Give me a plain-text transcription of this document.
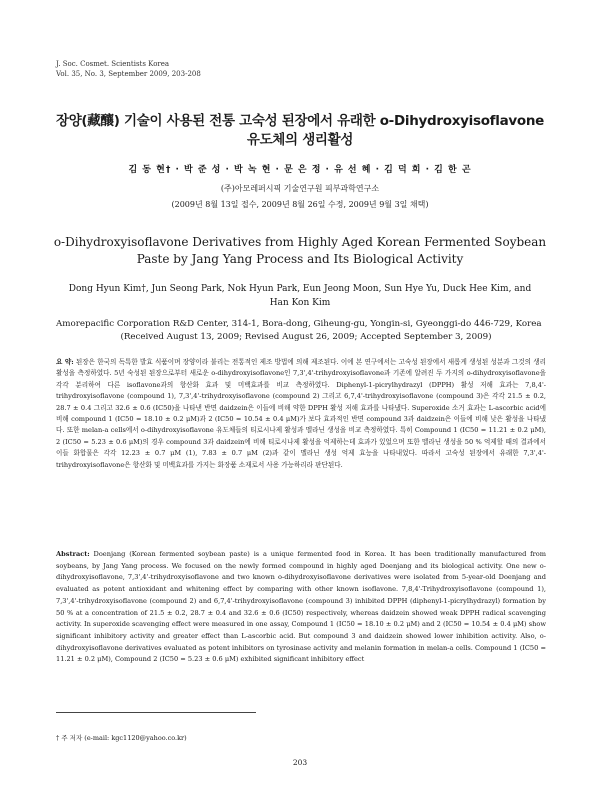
J. Soc. Cosmet. Scientists Korea
Vol. 35, No. 3, September 2009, 203-208
장양(藏釀) 기술이 사용된 전통 고숙성 된장에서 유래한 o-Dihydroxyisoflavone
유도체의 생리활성
김 동 현† · 박 준 성 · 박 녹 현 · 문 은 정 · 유 선 혜 · 김 덕 희 · 김 한 곤
(주)아모레퍼시픽 기술연구원 피부과학연구소
(2009년 8월 13일 접수, 2009년 8월 26일 수정, 2009년 9월 3일 채택)
o-Dihydroxyisoflavone Derivatives from Highly Aged Korean Fermented Soybean
Paste by Jang Yang Process and Its Biological Activity
Dong Hyun Kim†, Jun Seong Park, Nok Hyun Park, Eun Jeong Moon, Sun Hye Yu, Duck Hee Kim, and
Han Kon Kim
Amorepacific Corporation R&D Center, 314-1, Bora-dong, Giheung-gu, Yongin-si, Gyeonggi-do 446-729, Korea
(Received August 13, 2009; Revised August 26, 2009; Accepted September 3, 2009)
요 약: 된장은 한국의 독특한 발효 식품이며 장양이라 불리는 전통적인 제조 방법에 의해 제조된다. 이에 본 연구에서는 고숙성 된장에서 새롭게 생성된 성분과 그것의 생리활성을 측정하였다. 5년 숙성된 된장으로부터 새로운 o-dihydroxyisoflavone인 7,3',4'-trihydroxyisoflavone과 기존에 알려진 두 가지의 o-dihydroxyisoflavone을 각각 분리하여 다른 isoflavone과의 항산화 효과 및 미백효과를 비교 측정하였다. Diphenyl-1-picrylhydrazyl (DPPH) 활성 저해 효과는 7,8,4'-trihydroxyisoflavone (compound 1), 7,3',4'-trihydroxyisoflavone (compound 2) 그리고 6,7,4'-trihydroxyisoflavone (compound 3)은 각각 21.5 ± 0.2, 28.7 ± 0.4 그리고 32.6 ± 0.6 (IC50)을 나타낸 반면 daidzein은 이들에 비해 약한 DPPH 활성 저해 효과를 나타냈다. Superoxide 소거 효과는 L-ascorbic acid에 비해 compound 1 (IC50 = 18.10 ± 0.2 μM)과 2 (IC50 = 10.54 ± 0.4 μM)가 보다 효과적인 반면 compound 3과 daidzein은 이들에 비해 낮은 활성을 나타냈다. 또한 melan-a cells에서 o-dihydroxyisoflavone 유도체들의 티로시나제 활성과 멜라닌 생성을 비교 측정하였다. 특히 Compound 1 (IC50 = 11.21 ± 0.2 μM), 2 (IC50 = 5.23 ± 0.6 μM)의 경우 compound 3과 daidzein에 비해 티로시나제 활성을 억제하는데 효과가 있었으며 또한 멜라닌 생성을 50 % 억제할 때의 결과에서 이들 화합물은 각각 12.23 ± 0.7 μM (1), 7.83 ± 0.7 μM (2)과 같이 멜라닌 생성 억제 효능을 나타내었다. 따라서 고숙성 된장에서 유래한 7,3',4'-trihydroxyisoflavone은 항산화 및 미백효과를 가지는 화장품 소재로서 사용 가능하리라 판단된다.
Abstract: Doenjang (Korean fermented soybean paste) is a unique fermented food in Korea. It has been traditionally manufactured from soybeans, by Jang Yang process. We focused on the newly formed compound in highly aged Doenjang and its biological activity. One new o-dihydroxyisoflavone, 7,3',4'-trihydroxyisoflavone and two known o-dihydroxyisoflavone derivatives were isolated from 5-year-old Doenjang and evaluated as potent antioxidant and whitening effect by comparing with other known isoflavone. 7,8,4'-Trihydroxyisoflavone (compound 1), 7,3',4'-trihydroxyisoflavone (compound 2) and 6,7,4'-trihydroxyisoflavone (compound 3) inhibited DPPH (diphenyl-1-picrylhydrazyl) formation by 50 % at a concentration of 21.5 ± 0.2, 28.7 ± 0.4 and 32.6 ± 0.6 (IC50) respectively, whereas daidzein showed weak DPPH radical scavenging activity. In superoxide scavenging effect were measured in one assay, Compound 1 (IC50 = 18.10 ± 0.2 μM) and 2 (IC50 = 10.54 ± 0.4 μM) show significant inhibitory activity and greater effect than L-ascorbic acid. But compound 3 and daidzein showed lower inhibition activity. Also, o-dihydroxyisoflavone derivatives evaluated as potent inhibitors on tyrosinase activity and melanin formation in melan-a cells. Compound 1 (IC50 = 11.21 ± 0.2 μM), Compound 2 (IC50 = 5.23 ± 0.6 μM) exhibited significant inhibitory effect
† 주 저자 (e-mail: kgc1120@yahoo.co.kr)
203
